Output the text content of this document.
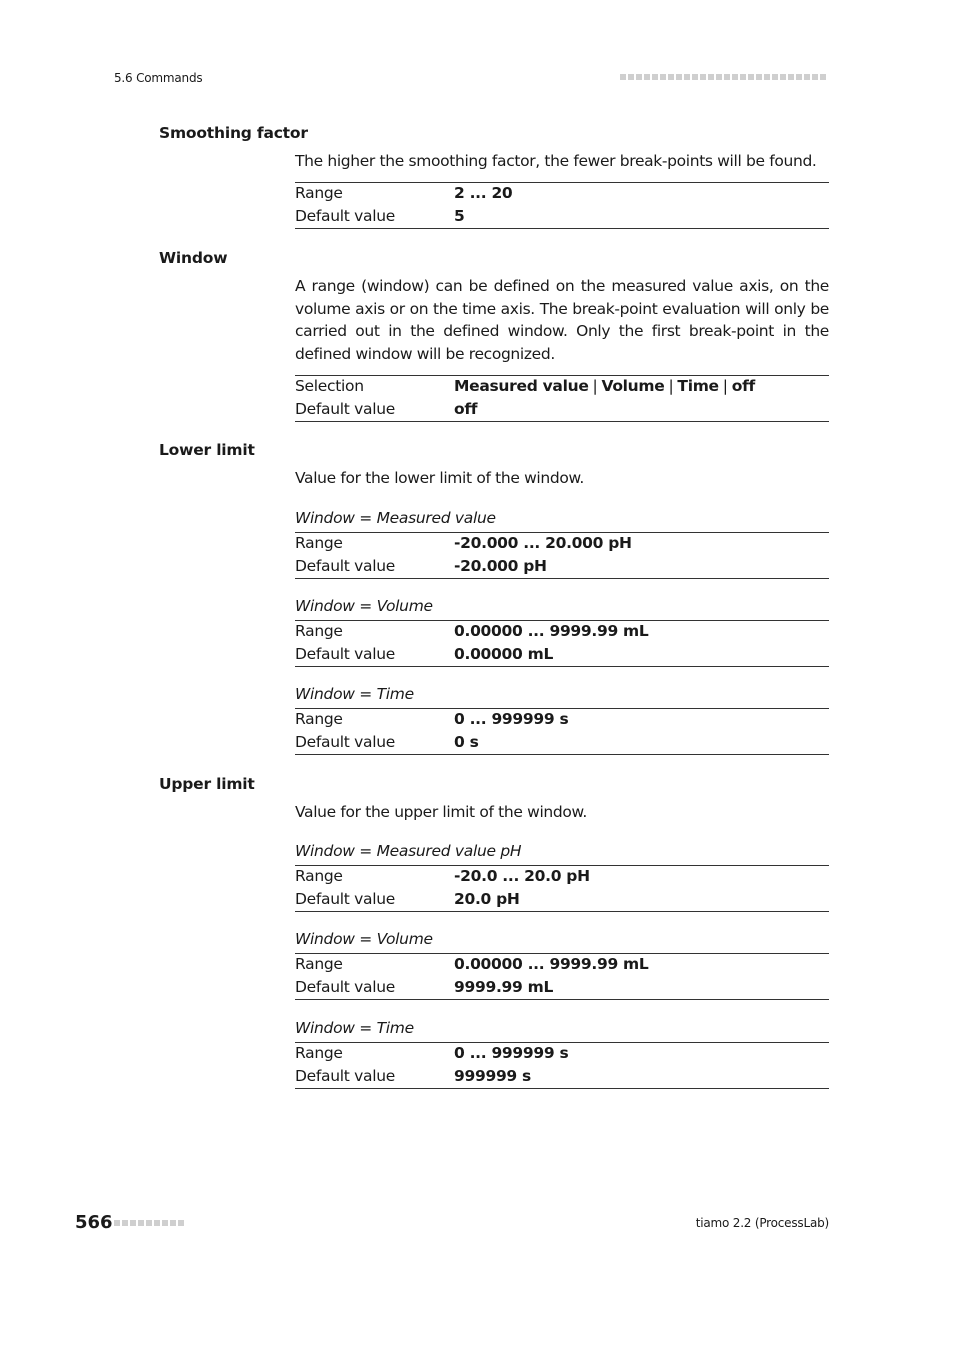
5.6 Commands
Smoothing factor
The higher the smoothing factor, the fewer break-points will be found.
Range	2 ... 20
Default value	5
Window
A range (window) can be defined on the measured value axis, on the volume axis or on the time axis. The break-point evaluation will only be carried out in the defined window. Only the first break-point in the defined window will be recognized.
Selection	Measured value | Volume | Time | off
Default value	off
Lower limit
Value for the lower limit of the window.
Window = Measured value
Range	-20.000 ... 20.000 pH
Default value	-20.000 pH
Window = Volume
Range	0.00000 ... 9999.99 mL
Default value	0.00000 mL
Window = Time
Range	0 ... 999999 s
Default value	0 s
Upper limit
Value for the upper limit of the window.
Window = Measured value pH
Range	-20.0 ... 20.0 pH
Default value	20.0 pH
Window = Volume
Range	0.00000 ... 9999.99 mL
Default value	9999.99 mL
Window = Time
Range	0 ... 999999 s
Default value	999999 s
566	tiamo 2.2 (ProcessLab)
